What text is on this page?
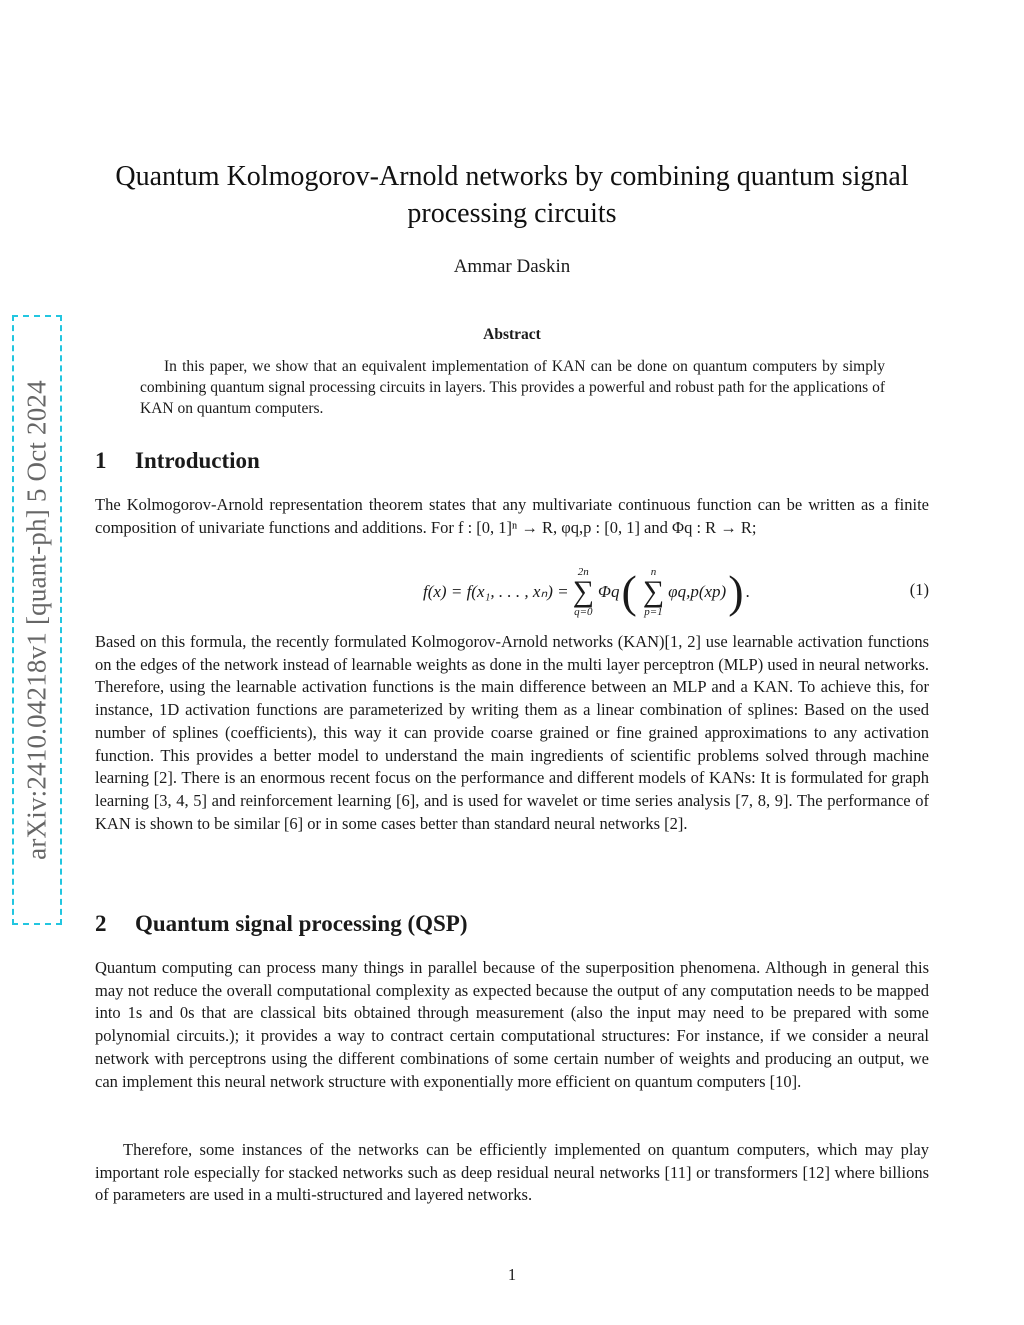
arXiv:2410.04218v1 [quant-ph] 5 Oct 2024
Quantum Kolmogorov-Arnold networks by combining quantum signal
processing circuits
Ammar Daskin
Abstract

In this paper, we show that an equivalent implementation of KAN can be done on quantum computers by simply combining quantum signal processing circuits in layers. This provides a powerful and robust path for the applications of KAN on quantum computers.

1 Introduction

The Kolmogorov-Arnold representation theorem states that any multivariate continuous function can be written as a finite composition of univariate functions and additions. For f : [0, 1]ⁿ → R, φq,p : [0, 1] and Φq : R → R;

f(x) = f(x₁, . . . , xₙ) =
2n
∑
q=0
Φq ( n
∑
p=1
φq,p(xp) ) .	(1)

Based on this formula, the recently formulated Kolmogorov-Arnold networks (KAN)[1, 2] use learnable activation functions on the edges of the network instead of learnable weights as done in the multi layer perceptron (MLP) used in neural networks. Therefore, using the learnable activation functions is the main difference between an MLP and a KAN. To achieve this, for instance, 1D activation functions are parameterized by writing them as a linear combination of splines: Based on the used number of splines (coefficients), this way it can provide coarse grained or fine grained approximations to any activation function. This provides a better model to understand the main ingredients of scientific problems solved through machine learning [2]. There is an enormous recent focus on the performance and different models of KANs: It is formulated for graph learning [3, 4, 5] and reinforcement learning [6], and is used for wavelet or time series analysis [7, 8, 9]. The performance of KAN is shown to be similar [6] or in some cases better than standard neural networks [2].

2 Quantum signal processing (QSP)

Quantum computing can process many things in parallel because of the superposition phenomena. Although in general this may not reduce the overall computational complexity as expected because the output of any computation needs to be mapped into 1s and 0s that are classical bits obtained through measurement (also the input may need to be prepared with some polynomial circuits.); it provides a way to contract certain computational structures: For instance, if we consider a neural network with perceptrons using the different combinations of some certain number of weights and producing an output, we can implement this neural network structure with exponentially more efficient on quantum computers [10].

Therefore, some instances of the networks can be efficiently implemented on quantum computers, which may play important role especially for stacked networks such as deep residual neural networks [11] or transformers [12] where billions of parameters are used in a multi-structured and layered networks.

1
